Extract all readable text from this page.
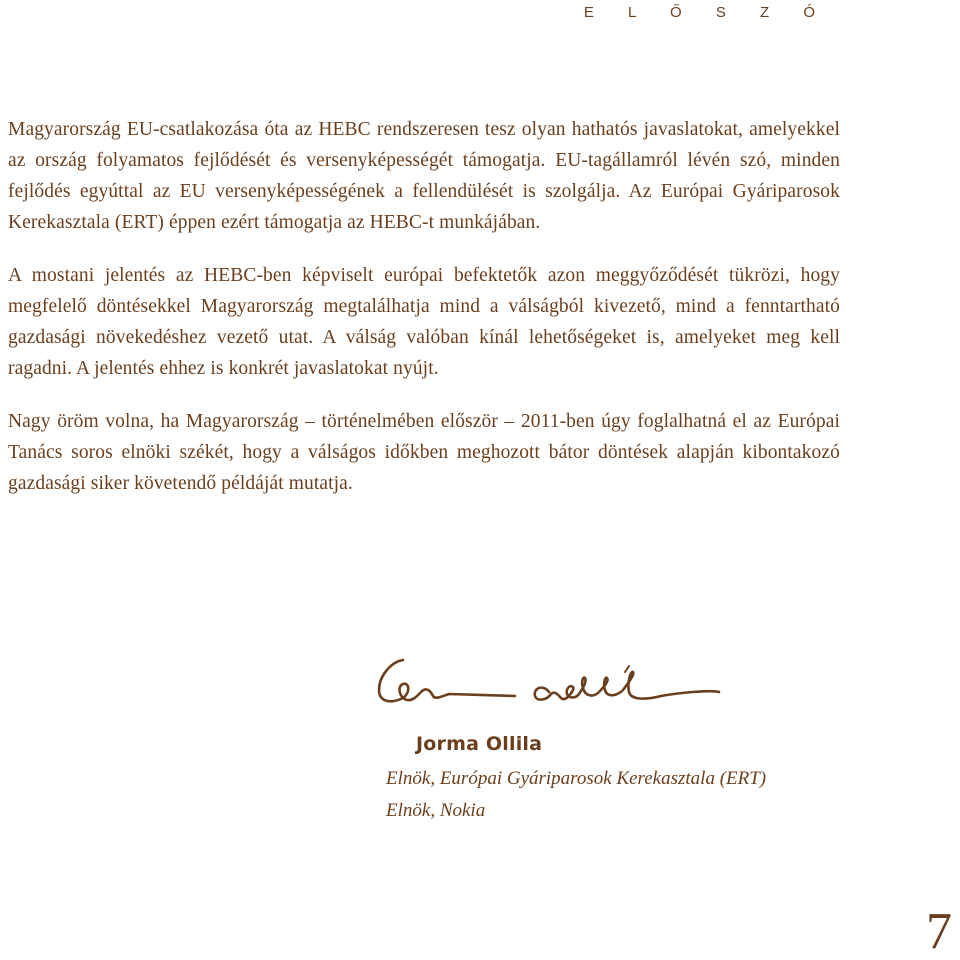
E L Ő S Z Ó

Magyarország EU-csatlakozása óta az HEBC rendszeresen tesz olyan hathatós javaslatokat, amelyekkel az ország folyamatos fejlődését és versenyképességét támogatja. EU-tagállamról lévén szó, minden fejlődés egyúttal az EU versenyképességének a fellendülését is szolgálja. Az Európai Gyáriparosok Kerekasztala (ERT) éppen ezért támogatja az HEBC-t munkájában.

A mostani jelentés az HEBC-ben képviselt európai befektetők azon meggyőződését tükrözi, hogy megfelelő döntésekkel Magyarország megtalálhatja mind a válságból kivezető, mind a fenntartható gazdasági növekedéshez vezető utat. A válság valóban kínál lehetőségeket is, amelyeket meg kell ragadni. A jelentés ehhez is konkrét javaslatokat nyújt.

Nagy öröm volna, ha Magyarország – történelmében először – 2011-ben úgy foglalhatná el az Európai Tanács soros elnöki székét, hogy a válságos időkben meghozott bátor döntések alapján kibontakozó gazdasági siker követendő példáját mutatja.

Jorma Ollila
Elnök, Európai Gyáriparosok Kerekasztala (ERT)
Elnök, Nokia
7
